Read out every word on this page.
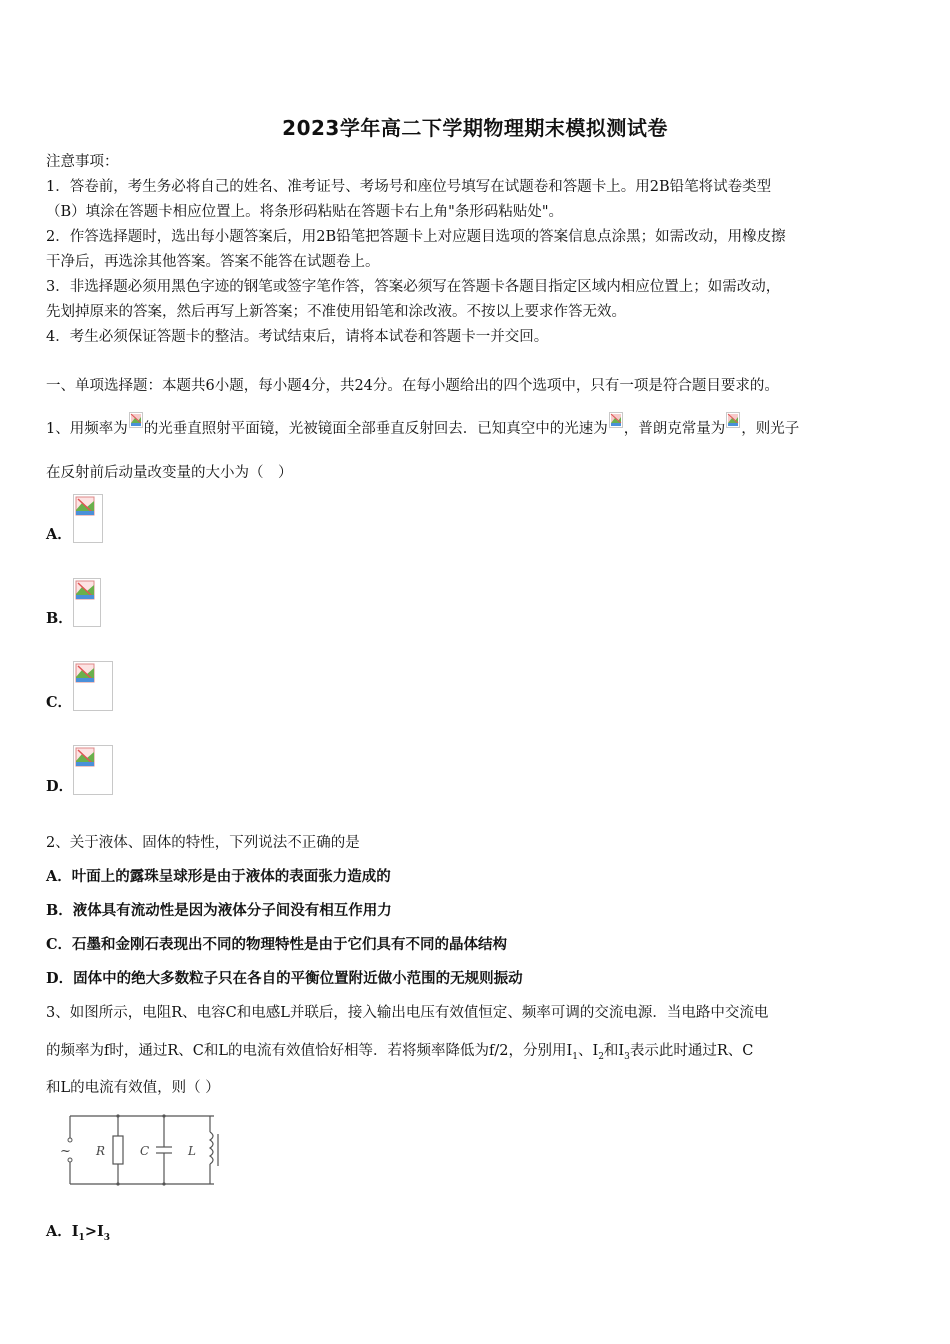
2023学年高二下学期物理期末模拟测试卷
注意事项：
1．答卷前，考生务必将自己的姓名、准考证号、考场号和座位号填写在试题卷和答题卡上。用2B铅笔将试卷类型
（B）填涂在答题卡相应位置上。将条形码粘贴在答题卡右上角"条形码粘贴处"。
2．作答选择题时，选出每小题答案后，用2B铅笔把答题卡上对应题目选项的答案信息点涂黑；如需改动，用橡皮擦
干净后，再选涂其他答案。答案不能答在试题卷上。
3．非选择题必须用黑色字迹的钢笔或签字笔作答，答案必须写在答题卡各题目指定区域内相应位置上；如需改动，
先划掉原来的答案，然后再写上新答案；不准使用铅笔和涂改液。不按以上要求作答无效。
4．考生必须保证答题卡的整洁。考试结束后，请将本试卷和答题卡一并交回。
一、单项选择题：本题共6小题，每小题4分，共24分。在每小题给出的四个选项中，只有一项是符合题目要求的。
1、用频率为 的光垂直照射平面镜，光被镜面全部垂直反射回去．已知真空中的光速为 ，普朗克常量为 ，则光子
在反射前后动量改变量的大小为（　）
A．
B．
C．
D．
2、关于液体、固体的特性，下列说法不正确的是
A．叶面上的露珠呈球形是由于液体的表面张力造成的
B．液体具有流动性是因为液体分子间没有相互作用力
C．石墨和金刚石表现出不同的物理特性是由于它们具有不同的晶体结构
D．固体中的绝大多数粒子只在各自的平衡位置附近做小范围的无规则振动
3、如图所示，电阻R、电容C和电感L并联后，接入输出电压有效值恒定、频率可调的交流电源．当电路中交流电
的频率为f时，通过R、C和L的电流有效值恰好相等．若将频率降低为f/2，分别用$I_1$、$I_2$和$I_3$表示此时通过R、C
和L的电流有效值，则（ ）
~ R	C	L
A．$I_1>I_3$
